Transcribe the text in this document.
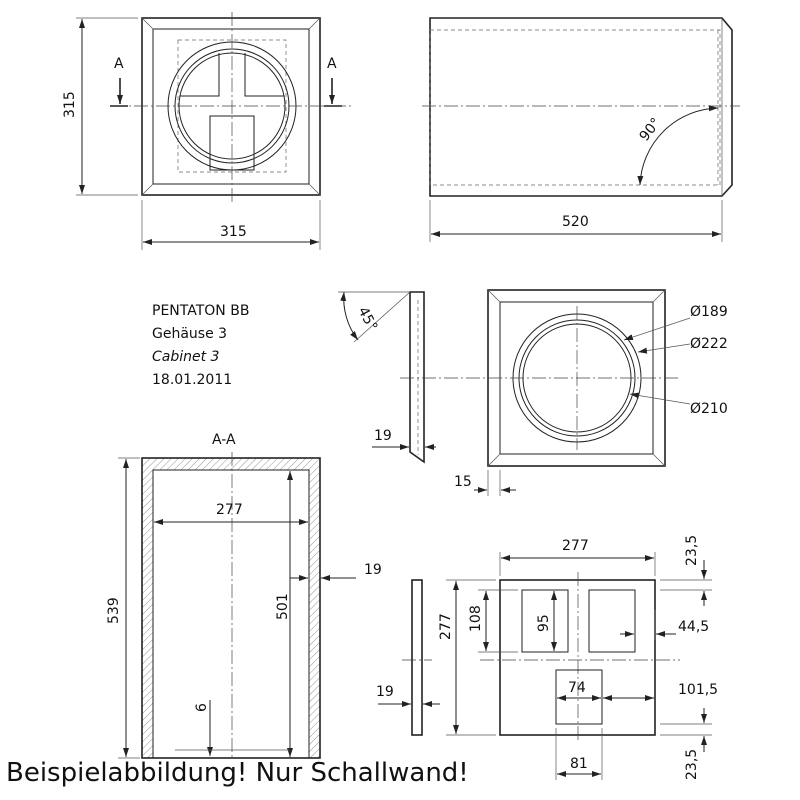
A	A
315
315
90°
520
PENTATON BB
Gehäuse 3
Cabinet 3
18.01.2011
45°
19
15
Ø189
Ø222
Ø210
A-A
539
277
501
19
6
19
277	23,5
277 108	95	44,5
74	101,5
81	23,5
Beispielabbildung! Nur Schallwand!
